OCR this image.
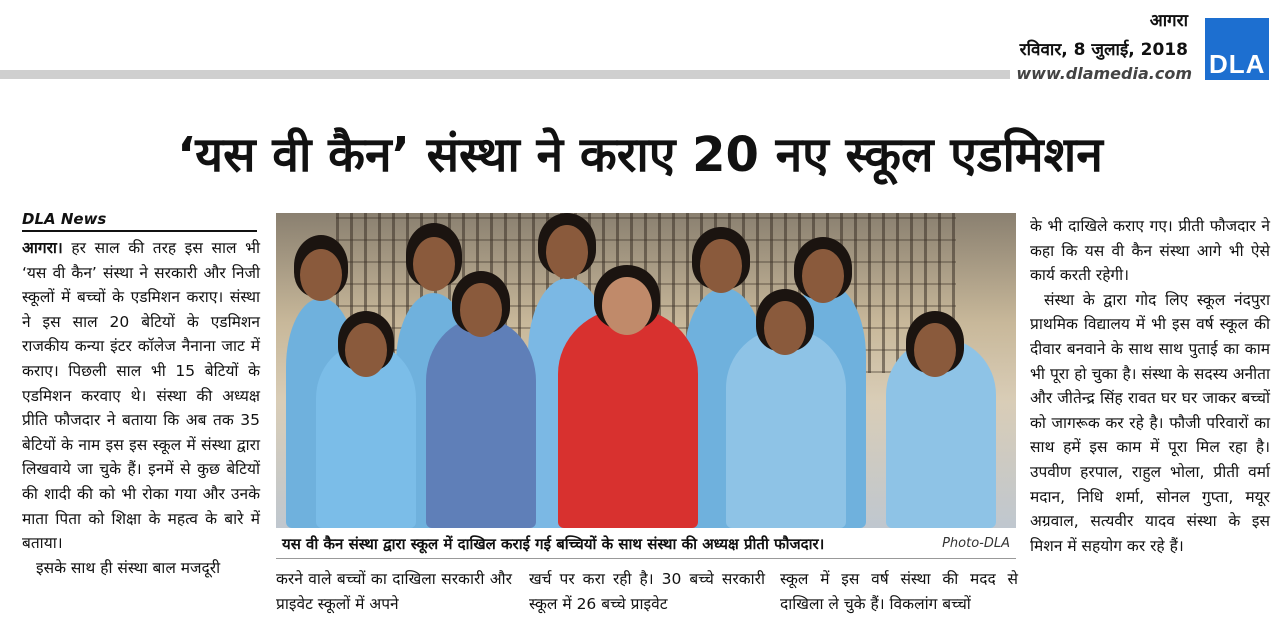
आगरा
रविवार, 8 जुलाई, 2018
www.dlamedia.com DLA
‘यस वी कैन’ संस्था ने कराए 20 नए स्कूल एडमिशन
DLA News

आगरा। हर साल की तरह इस साल भी ‘यस वी कैन’ संस्था ने सरकारी और निजी स्कूलों में बच्चों के एडमिशन कराए। संस्था ने इस साल 20 बेटियों के एडमिशन राजकीय कन्या इंटर कॉलेज नैनाना जाट में कराए। पिछली साल भी 15 बेटियों के एडमिशन करवाए थे। संस्था की अध्यक्ष प्रीति फौजदार ने बताया कि अब तक 35 बेटियों के नाम इस इस स्कूल में संस्था द्वारा लिखवाये जा चुके हैं। इनमें से कुछ बेटियों की शादी की को भी रोका गया और उनके माता पिता को शिक्षा के महत्व के बारे में बताया।

इसके साथ ही संस्था बाल मजदूरी

यस वी कैन संस्था द्वारा स्कूल में दाखिल कराई गई बच्चियों के साथ संस्था की अध्यक्ष प्रीती फौजदार।	Photo-DLA
करने वाले बच्चों का दाखिला सरकारी और प्राइवेट स्कूलों में अपने
खर्च पर करा रही है। 30 बच्चे सरकारी स्कूल में 26 बच्चे प्राइवेट
स्कूल में इस वर्ष संस्था की मदद से दाखिला ले चुके हैं। विकलांग बच्चों

के भी दाखिले कराए गए। प्रीती फौजदार ने कहा कि यस वी कैन संस्था आगे भी ऐसे कार्य करती रहेगी।

संस्था के द्वारा गोद लिए स्कूल नंदपुरा प्राथमिक विद्यालय में भी इस वर्ष स्कूल की दीवार बनवाने के साथ साथ पुताई का काम भी पूरा हो चुका है। संस्था के सदस्य अनीता और जीतेन्द्र सिंह रावत घर घर जाकर बच्चों को जागरूक कर रहे है। फौजी परिवारों का साथ हमें इस काम में पूरा मिल रहा है। उपवीण हरपाल, राहुल भोला, प्रीती वर्मा मदान, निधि शर्मा, सोनल गुप्ता, मयूर अग्रवाल, सत्यवीर यादव संस्था के इस मिशन में सहयोग कर रहे हैं।
